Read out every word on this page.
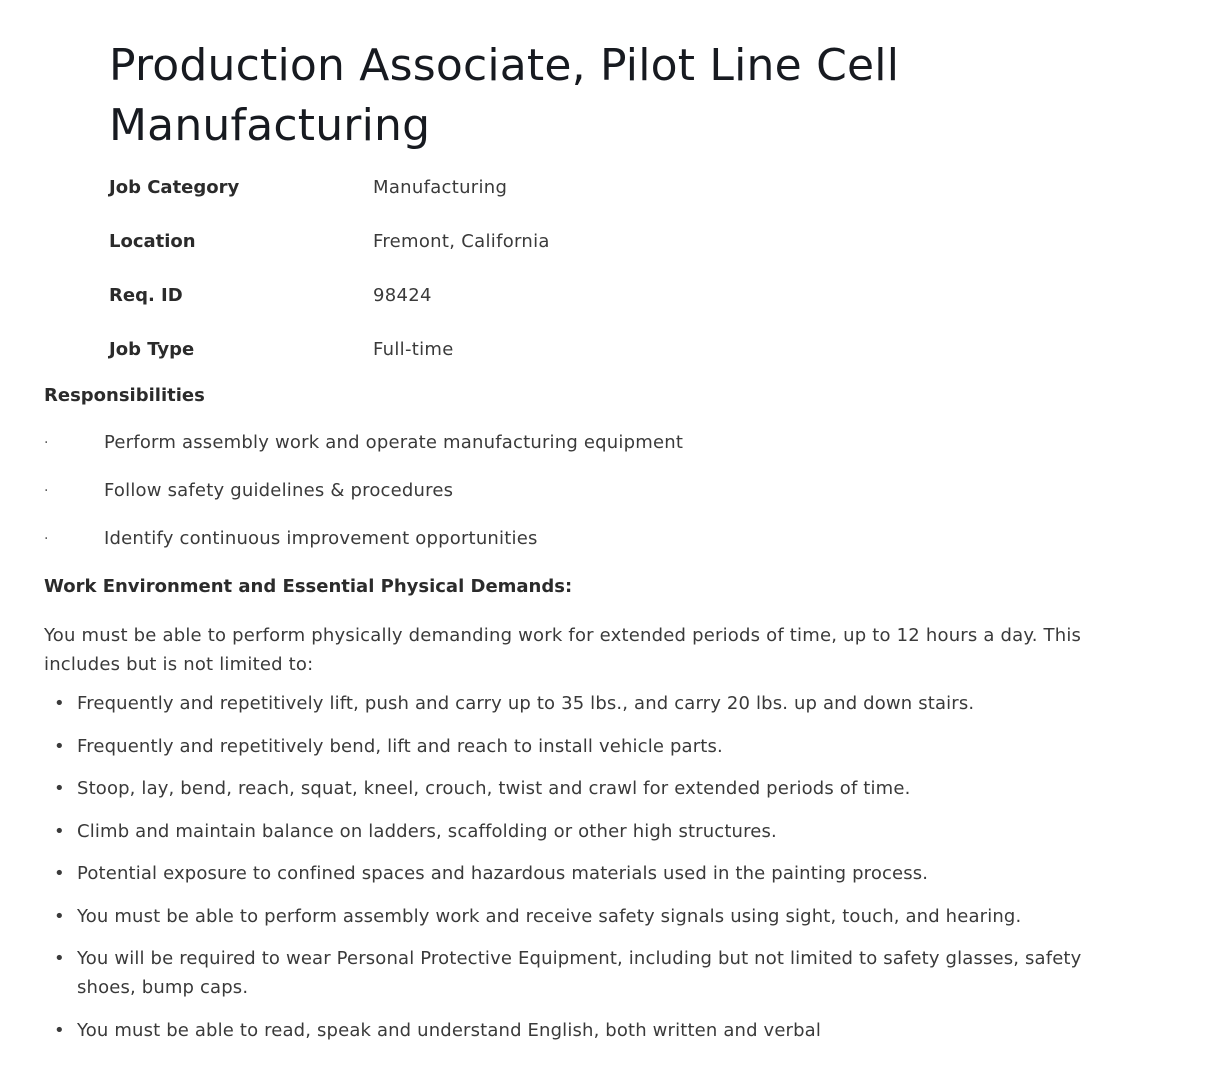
Production Associate, Pilot Line Cell Manufacturing
Job Category	Manufacturing
Location	Fremont, California
Req. ID	98424
Job Type	Full-time
Responsibilities
·	Perform assembly work and operate manufacturing equipment
·	Follow safety guidelines & procedures
·	Identify continuous improvement opportunities
Work Environment and Essential Physical Demands:

You must be able to perform physically demanding work for extended periods of time, up to 12 hours a day. This includes but is not limited to:

• Frequently and repetitively lift, push and carry up to 35 lbs., and carry 20 lbs. up and down stairs.
• Frequently and repetitively bend, lift and reach to install vehicle parts.
• Stoop, lay, bend, reach, squat, kneel, crouch, twist and crawl for extended periods of time.
• Climb and maintain balance on ladders, scaffolding or other high structures.
• Potential exposure to confined spaces and hazardous materials used in the painting process.
• You must be able to perform assembly work and receive safety signals using sight, touch, and hearing.
• You will be required to wear Personal Protective Equipment, including but not limited to safety glasses, safety shoes, bump caps.
• You must be able to read, speak and understand English, both written and verbal
